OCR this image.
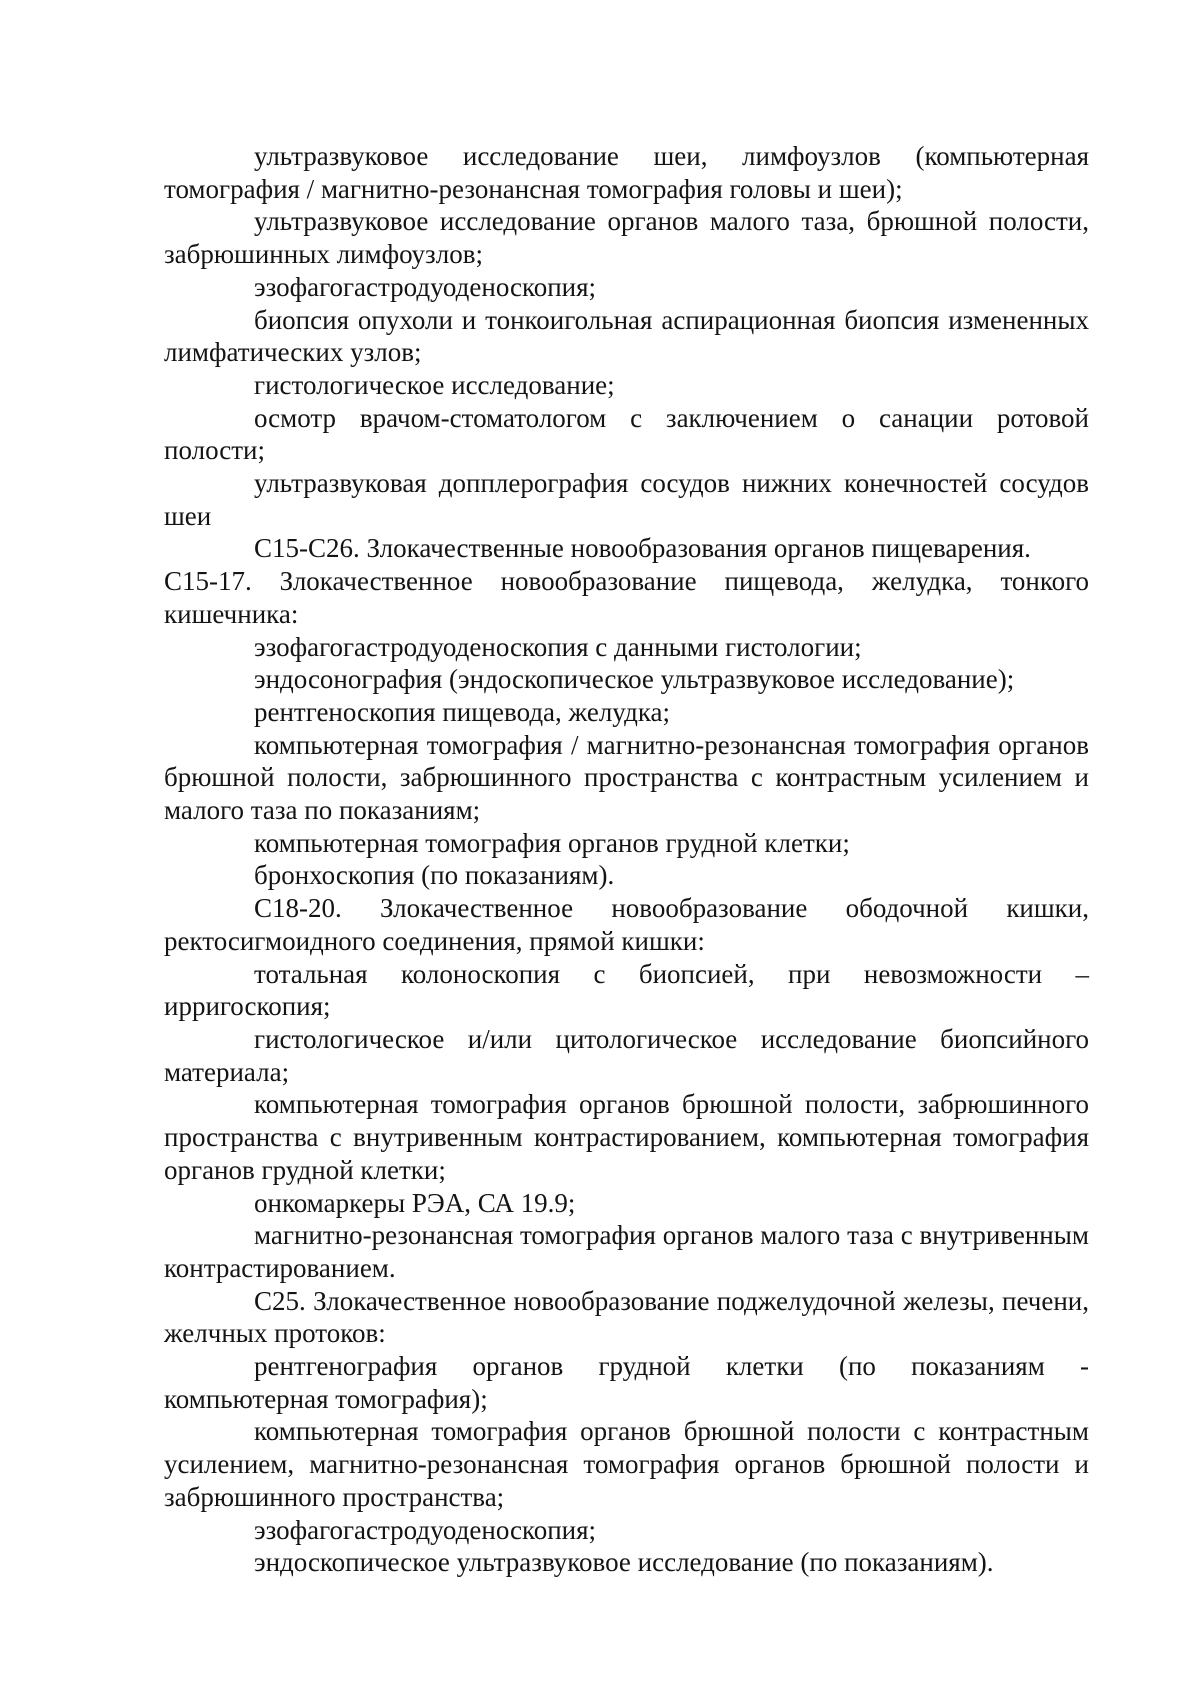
ультразвуковое исследование шеи, лимфоузлов (компьютерная томография / магнитно-резонансная томография головы и шеи);

ультразвуковое исследование органов малого таза, брюшной полости, забрюшинных лимфоузлов;

эзофагогастродуоденоскопия;

биопсия опухоли и тонкоигольная аспирационная биопсия измененных лимфатических узлов;

гистологическое исследование;

осмотр врачом-стоматологом с заключением о санации ротовой полости;

ультразвуковая допплерография сосудов нижних конечностей сосудов шеи

С15-С26. Злокачественные новообразования органов пищеварения.

С15-17. Злокачественное новообразование пищевода, желудка, тонкого кишечника:

эзофагогастродуоденоскопия с данными гистологии;

эндосонография (эндоскопическое ультразвуковое исследование);

рентгеноскопия пищевода, желудка;

компьютерная томография / магнитно-резонансная томография органов брюшной полости, забрюшинного пространства с контрастным усилением и малого таза по показаниям;

компьютерная томография органов грудной клетки;

бронхоскопия (по показаниям).

С18-20. Злокачественное новообразование ободочной кишки, ректосигмоидного соединения, прямой кишки:

тотальная колоноскопия с биопсией, при невозможности – ирригоскопия;

гистологическое и/или цитологическое исследование биопсийного материала;

компьютерная томография органов брюшной полости, забрюшинного пространства с внутривенным контрастированием, компьютерная томография органов грудной клетки;

онкомаркеры РЭА, СА 19.9;

магнитно-резонансная томография органов малого таза с внутривенным контрастированием.

С25. Злокачественное новообразование поджелудочной железы, печени, желчных протоков:

рентгенография органов грудной клетки (по показаниям - компьютерная томография);

компьютерная томография органов брюшной полости с контрастным усилением, магнитно-резонансная томография органов брюшной полости и забрюшинного пространства;

эзофагогастродуоденоскопия;

эндоскопическое ультразвуковое исследование (по показаниям).
